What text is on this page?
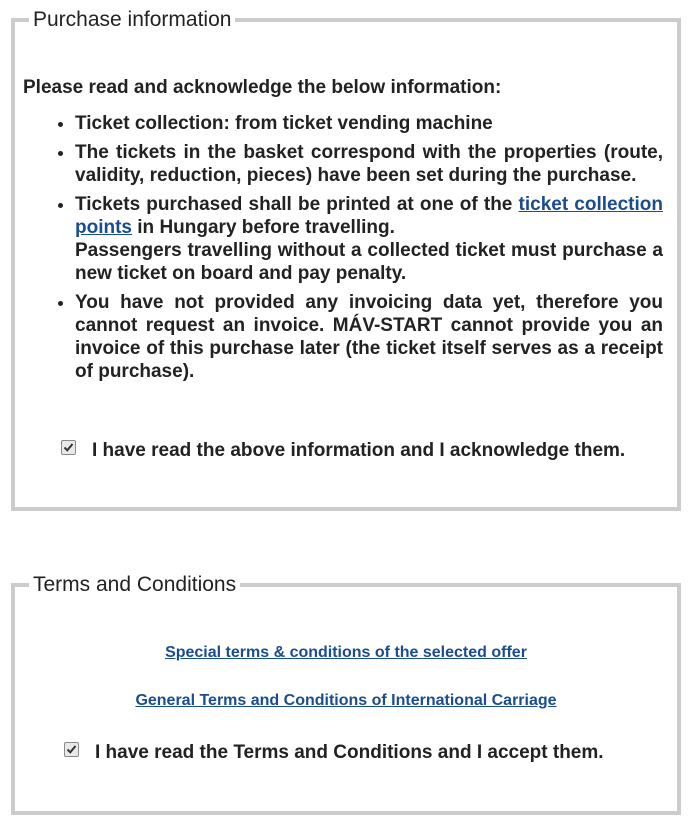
Purchase information

Please read and acknowledge the below information:

• Ticket collection: from ticket vending machine
• The tickets in the basket correspond with the properties (route, validity, reduction, pieces) have been set during the purchase.
• Tickets purchased shall be printed at one of the ticket collection points in Hungary before travelling.
Passengers travelling without a collected ticket must purchase a new ticket on board and pay penalty.
• You have not provided any invoicing data yet, therefore you cannot request an invoice. MÁV-START cannot provide you an invoice of this purchase later (the ticket itself serves as a receipt of purchase).
I have read the above information and I acknowledge them.
Terms and Conditions
Special terms & conditions of the selected offer
General Terms and Conditions of International Carriage
I have read the Terms and Conditions and I accept them.
